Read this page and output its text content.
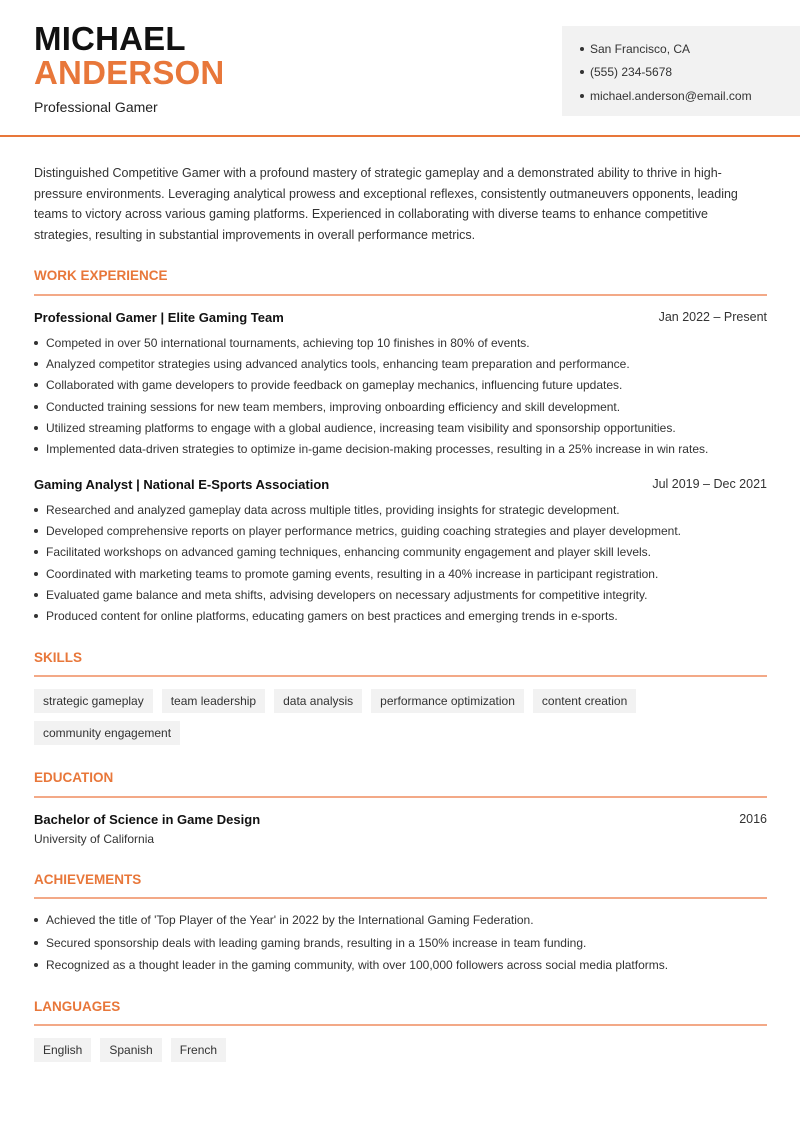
MICHAEL
ANDERSON
Professional Gamer
San Francisco, CA
(555) 234-5678
michael.anderson@email.com
Distinguished Competitive Gamer with a profound mastery of strategic gameplay and a demonstrated ability to thrive in high-pressure environments. Leveraging analytical prowess and exceptional reflexes, consistently outmaneuvers opponents, leading teams to victory across various gaming platforms. Experienced in collaborating with diverse teams to enhance competitive strategies, resulting in substantial improvements in overall performance metrics.
WORK EXPERIENCE
Professional Gamer | Elite Gaming Team	Jan 2022 – Present
Competed in over 50 international tournaments, achieving top 10 finishes in 80% of events.
Analyzed competitor strategies using advanced analytics tools, enhancing team preparation and performance.
Collaborated with game developers to provide feedback on gameplay mechanics, influencing future updates.
Conducted training sessions for new team members, improving onboarding efficiency and skill development.
Utilized streaming platforms to engage with a global audience, increasing team visibility and sponsorship opportunities.
Implemented data-driven strategies to optimize in-game decision-making processes, resulting in a 25% increase in win rates.
Gaming Analyst | National E-Sports Association	Jul 2019 – Dec 2021
Researched and analyzed gameplay data across multiple titles, providing insights for strategic development.
Developed comprehensive reports on player performance metrics, guiding coaching strategies and player development.
Facilitated workshops on advanced gaming techniques, enhancing community engagement and player skill levels.
Coordinated with marketing teams to promote gaming events, resulting in a 40% increase in participant registration.
Evaluated game balance and meta shifts, advising developers on necessary adjustments for competitive integrity.
Produced content for online platforms, educating gamers on best practices and emerging trends in e-sports.
SKILLS
strategic gameplay	team leadership	data analysis	performance optimization	content creation
community engagement
EDUCATION
Bachelor of Science in Game Design	2016
University of California
ACHIEVEMENTS
Achieved the title of 'Top Player of the Year' in 2022 by the International Gaming Federation.
Secured sponsorship deals with leading gaming brands, resulting in a 150% increase in team funding.
Recognized as a thought leader in the gaming community, with over 100,000 followers across social media platforms.
LANGUAGES
English	Spanish	French
